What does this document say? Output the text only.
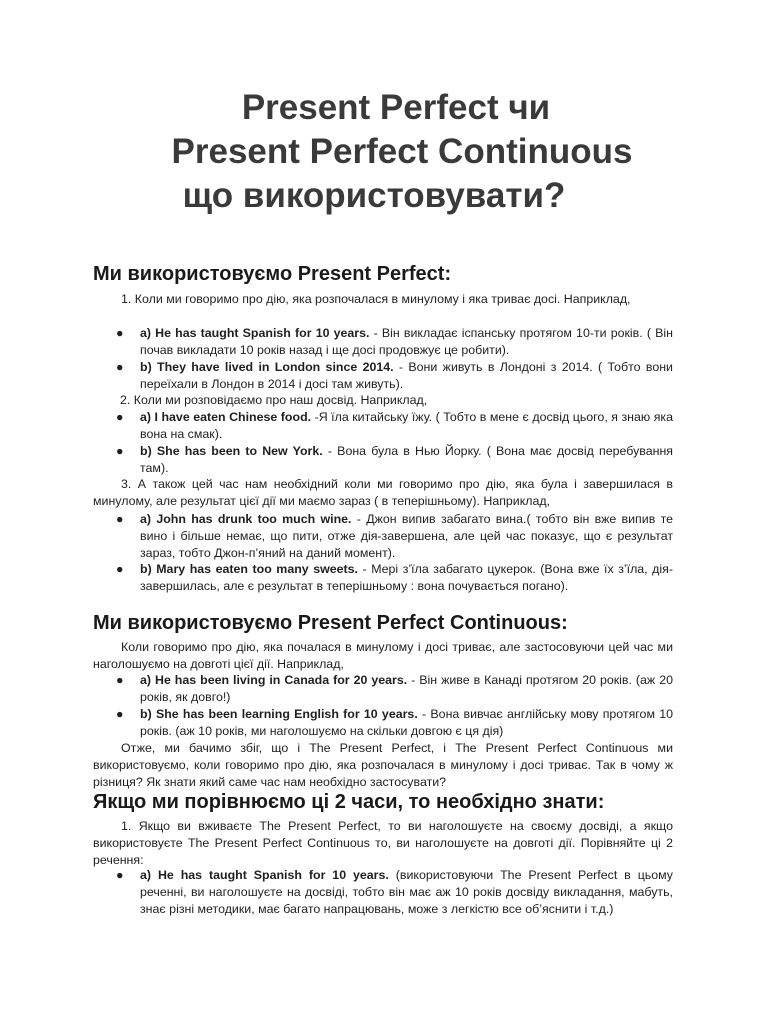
Present Perfect чи
Present Perfect Continuous
що використовувати?
Ми використовуємо Present Perfect:
1. Коли ми говоримо про дію, яка розпочалася в минулому і яка триває досі. Наприклад,
● a) He has taught Spanish for 10 years. - Він викладає іспанську протягом 10-ти років. ( Він почав викладати 10 років назад і ще досі продовжує це робити).
● b) They have lived in London since 2014. - Вони живуть в Лондоні з 2014. ( Тобто вони переїхали в Лондон в 2014 і досі там живуть).
2. Коли ми розповідаємо про наш досвід. Наприклад,
● a) I have eaten Chinese food. -Я їла китайську їжу. ( Тобто в мене є досвід цього, я знаю яка вона на смак).
● b) She has been to New York. - Вона була в Нью Йорку. ( Вона має досвід перебування там).
3. А також цей час нам необхідний коли ми говоримо про дію, яка була і завершилася в минулому, але результат цієї дії ми маємо зараз ( в теперішньому). Наприклад,
● a) John has drunk too much wine. - Джон випив забагато вина.( тобто він вже випив те вино і більше немає, що пити, отже дія-завершена, але цей час показує, що є результат зараз, тобто Джон-п’яний на даний момент).
● b) Mary has eaten too many sweets. - Мері з’їла забагато цукерок. (Вона вже їх з’їла, дія-завершилась, але є результат в теперішньому : вона почувається погано).
Ми використовуємо Present Perfect Continuous:
Коли говоримо про дію, яка почалася в минулому і досі триває, але застосовуючи цей час ми наголошуємо на довготі цієї дії. Наприклад,
● a) He has been living in Canada for 20 years. - Він живе в Канаді протягом 20 років. (аж 20 років, як довго!)
● b) She has been learning English for 10 years. - Вона вивчає англійську мову протягом 10 років. (аж 10 років, ми наголошуємо на скільки довгою є ця дія)
Отже, ми бачимо збіг, що і The Present Perfect, і The Present Perfect Continuous ми використовуємо, коли говоримо про дію, яка розпочалася в минулому і досі триває. Так в чому ж різниця? Як знати який саме час нам необхідно застосувати?
Якщо ми порівнюємо ці 2 часи, то необхідно знати:
1. Якщо ви вживаєте The Present Perfect, то ви наголошуєте на своєму досвіді, а якщо використовуєте The Present Perfect Continuous то, ви наголошуєте на довготі дії. Порівняйте ці 2 речення:
● a) He has taught Spanish for 10 years. (використовуючи The Present Perfect в цьому реченні, ви наголошуєте на досвіді, тобто він має аж 10 років досвіду викладання, мабуть, знає різні методики, має багато напрацювань, може з легкістю все об’яснити і т.д.)
